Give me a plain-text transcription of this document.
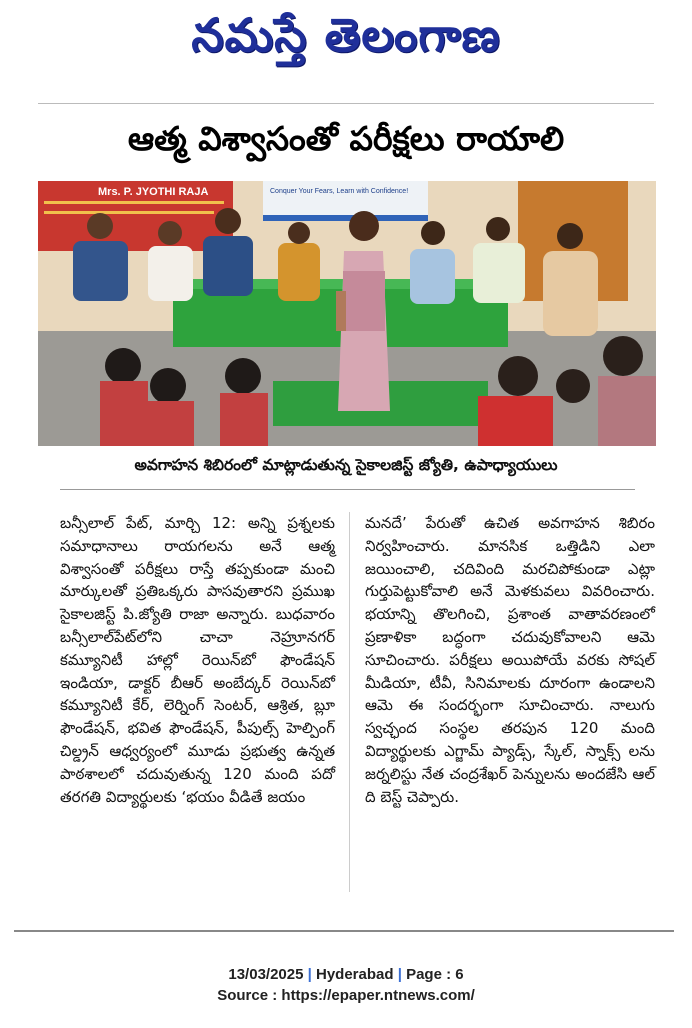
నమస్తే తెలంగాణ
ఆత్మ విశ్వాసంతో పరీక్షలు రాయాలి
Mrs. P. JYOTHI RAJA	Conquer Your Fears, Learn with Confidence!
అవగాహన శిబిరంలో మాట్లాడుతున్న సైకాలజిస్ట్ జ్యోతి, ఉపాధ్యాయులు
బన్సీలాల్ పేట్, మార్చి 12: అన్ని ప్రశ్నలకు సమాధానాలు రాయగలను అనే ఆత్మ విశ్వాసంతో పరీక్షలు రాస్తే తప్పకుండా మంచి మార్కులతో ప్రతిఒక్కరు పాసవుతారని ప్రముఖ సైకాలజిస్ట్ పి.జ్యోతి రాజా అన్నారు. బుధవారం బన్సీలాల్‌పేట్‌లోని చాచా నెహ్రూనగర్ కమ్యూనిటీ హాల్లో రెయిన్‌బో ఫౌండేషన్ ఇండియా, డాక్టర్ బీఆర్ అంబేద్కర్ రెయిన్‌బో కమ్యూనిటీ కేర్, లెర్నింగ్ సెంటర్, ఆశ్రిత, బ్లూ ఫౌండేషన్, భవిత ఫౌండేషన్, పీపుల్స్ హెల్పింగ్ చిల్డ్రన్ ఆధ్వర్యంలో మూడు ప్రభుత్వ ఉన్నత పాఠశాలలో చదువుతున్న 120 మంది పదో తరగతి విద్యార్థులకు ‘భయం వీడితే జయం
మనదే’ పేరుతో ఉచిత అవగాహన శిబిరం నిర్వహించారు. మానసిక ఒత్తిడిని ఎలా జయించాలి, చదివింది మరచిపోకుండా ఎట్లా గుర్తుపెట్టుకోవాలి అనే మెళకువలు వివరించారు. భయాన్ని తొలగించి, ప్రశాంత వాతావరణంలో ప్రణాళికా బద్ధంగా చదువుకోవాలని ఆమె సూచించారు. పరీక్షలు అయిపోయే వరకు సోషల్ మీడియా, టీవీ, సినిమాలకు దూరంగా ఉండాలని ఆమె ఈ సందర్భంగా సూచించారు. నాలుగు స్వచ్ఛంద సంస్థల తరపున 120 మంది విద్యార్థులకు ఎగ్జామ్ ప్యాడ్స్, స్కేల్, స్నాక్స్ లను జర్నలిస్టు నేత చంద్రశేఖర్ పెన్నులను అందజేసి ఆల్ ది బెస్ట్ చెప్పారు.
13/03/2025 | Hyderabad | Page : 6
Source : https://epaper.ntnews.com/
